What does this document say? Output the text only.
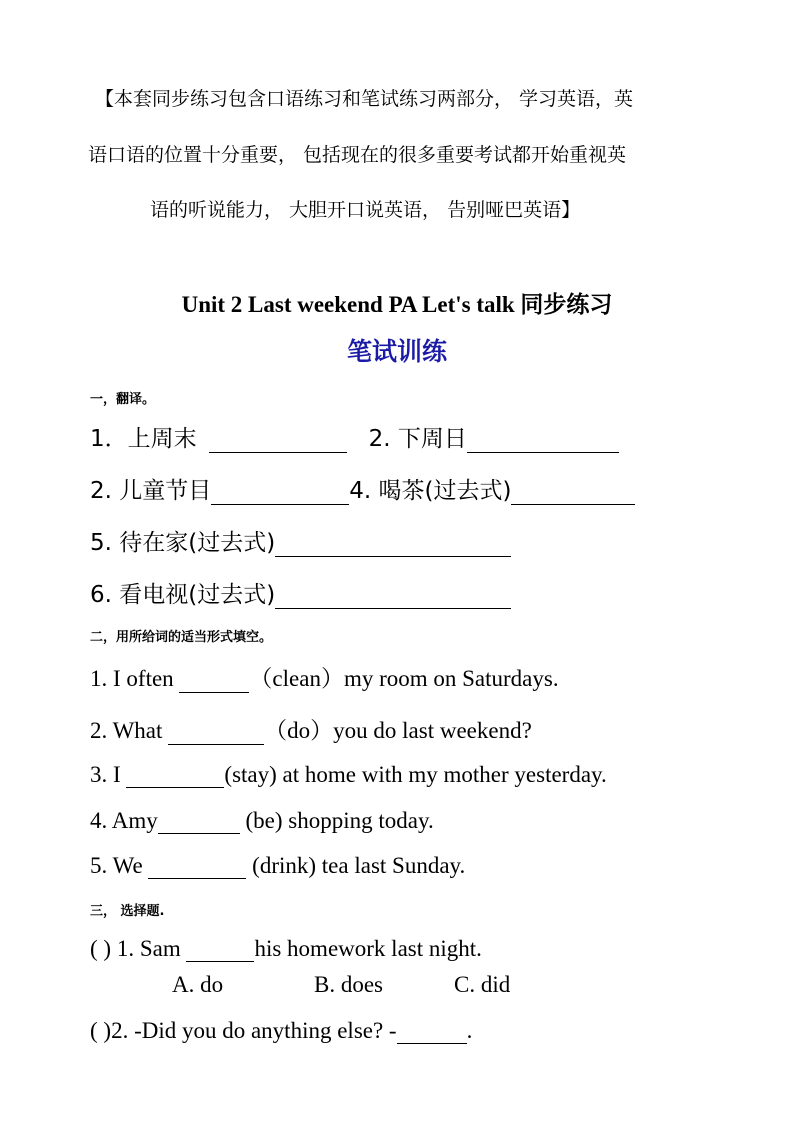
【本套同步练习包含口语练习和笔试练习两部分， 学习英语，英
语口语的位置十分重要， 包括现在的很多重要考试都开始重视英
语的听说能力， 大胆开口说英语， 告别哑巴英语】
Unit 2 Last weekend PA Let's talk 同步练习
笔试训练
一，翻译。
1．上周末	2. 下周日
2. 儿童节目	4. 喝茶(过去式)
5. 待在家(过去式)
6. 看电视(过去式)
二，用所给词的适当形式填空。
1. I often	（clean）my room on Saturdays.
2. What	（do）you do last weekend?
3. I	(stay) at home with my mother yesterday.
4. Amy	(be) shopping today.
5. We	(drink) tea last Sunday.
三， 选择题.
( ) 1. Sam	his homework last night.
A. do	B. does	C. did
( )2. -Did you do anything else? -	.
